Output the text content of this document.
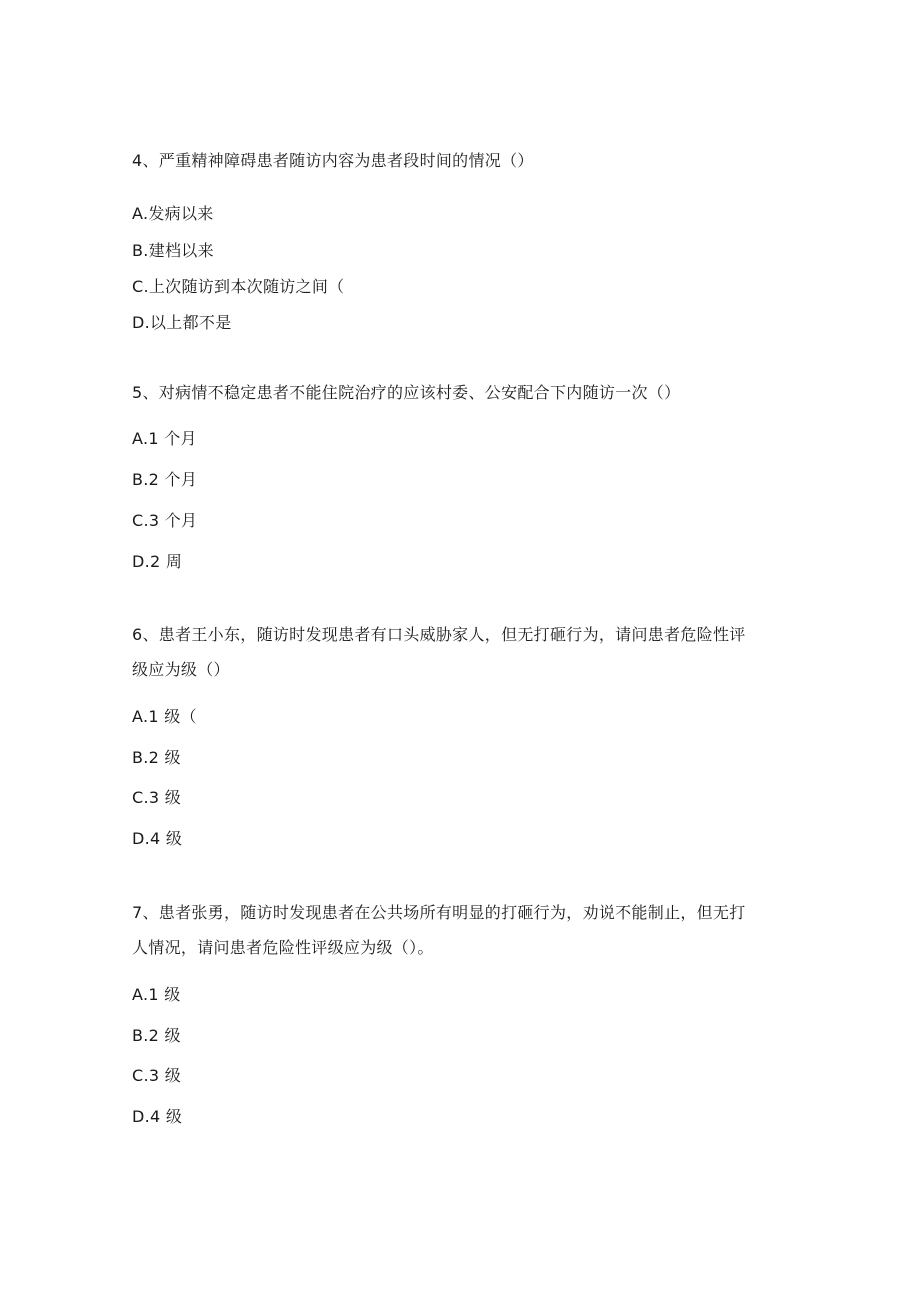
4、严重精神障碍患者随访内容为患者段时间的情况（）
A.发病以来
B.建档以来
C.上次随访到本次随访之间（
D.以上都不是
5、对病情不稳定患者不能住院治疗的应该村委、公安配合下内随访一次（）
A.1 个月
B.2 个月
C.3 个月
D.2 周
6、患者王小东，随访时发现患者有口头威胁家人，但无打砸行为，请问患者危险性评
级应为级（）
A.1 级（
B.2 级
C.3 级
D.4 级
7、患者张勇，随访时发现患者在公共场所有明显的打砸行为，劝说不能制止，但无打
人情况，请问患者危险性评级应为级（）。
A.1 级
B.2 级
C.3 级
D.4 级
